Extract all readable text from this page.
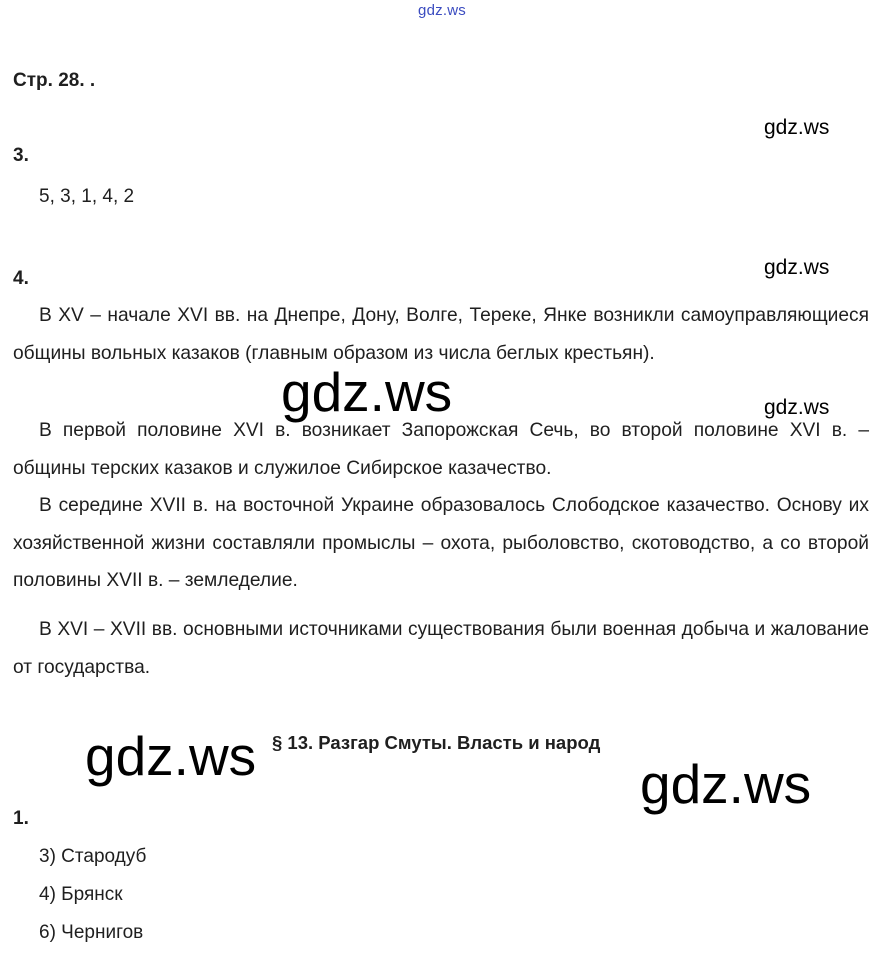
gdz.ws
Стр. 28. .
gdz.ws
3.
5, 3, 1, 4, 2
gdz.ws
4.
В XV – начале XVI вв. на Днепре, Дону, Волге, Тереке, Янке возникли самоуправляющиеся общины вольных казаков (главным образом из числа беглых крестьян).
В первой половине XVI в. возникает Запорожская Сечь, во второй половине XVI в. – общины терских казаков и служилое Сибирское казачество.
В середине XVII в. на восточной Украине образовалось Слободское казачество. Основу их хозяйственной жизни составляли промыслы – охота, рыболовство, скотоводство, а со второй половины XVII в. – земледелие.
В XVI – XVII вв. основными источниками существования были военная добыча и жалование от государства.
gdz.ws	gdz.ws
gdz.ws § 13. Разгар Смуты. Власть и народ
gdz.ws
1.
3) Стародуб
4) Брянск
6) Чернигов
